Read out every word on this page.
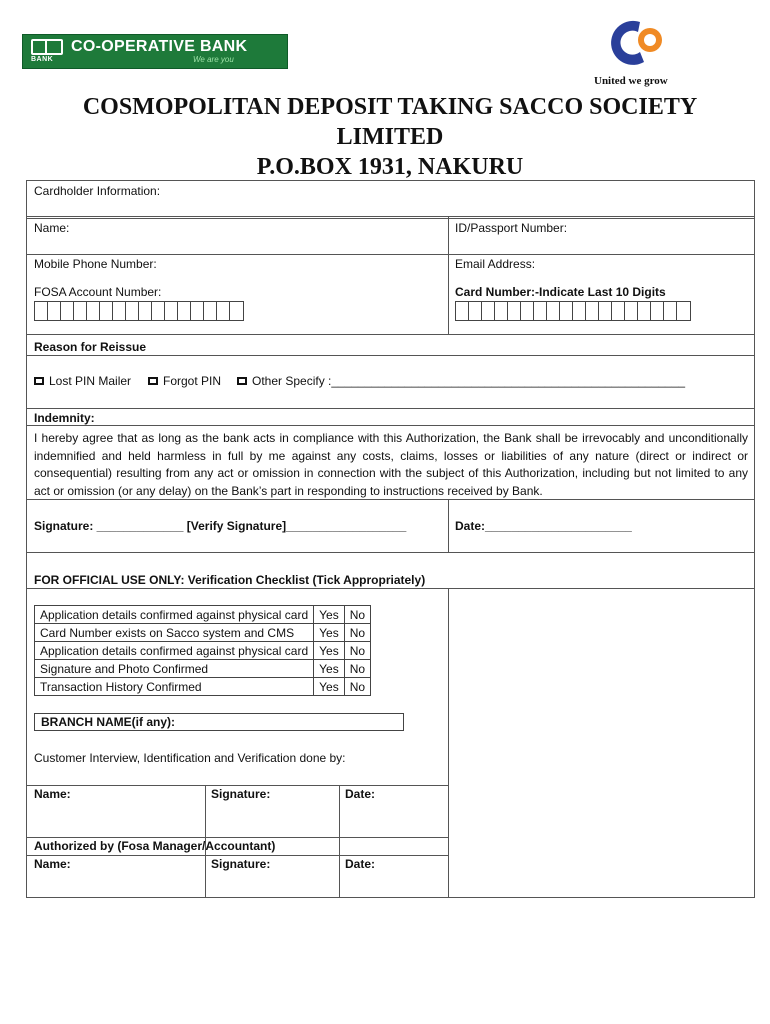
BANK
CO-OPERATIVE BANK
We are you
United we grow
COSMOPOLITAN DEPOSIT TAKING SACCO SOCIETY
LIMITED
P.O.BOX 1931, NAKURU
Cardholder Information:
Name:	ID/Passport Number:
Mobile Phone Number:	Email Address:
FOSA Account Number:	Card Number:-Indicate Last 10 Digits
Reason for Reissue
Lost PIN Mailer	Forgot PIN	Other Specify :_____________________________________________________
Indemnity:
I hereby agree that as long as the bank acts in compliance with this Authorization, the Bank shall be irrevocably and unconditionally indemnified and held harmless in full by me against any costs, claims, losses or liabilities of any nature (direct or indirect or consequential) resulting from any act or omission in connection with the subject of this Authorization, including but not limited to any act or omission (or any delay) on the Bank’s part in responding to instructions received by Bank.
Signature: _____________ [Verify Signature]__________________	Date:______________________
FOR OFFICIAL USE ONLY: Verification Checklist (Tick Appropriately)
Application details confirmed against physical card	Yes	No
Card Number exists on Sacco system and CMS	Yes	No
Application details confirmed against physical card	Yes	No
Signature and Photo Confirmed	Yes	No
Transaction History Confirmed	Yes	No
BRANCH NAME(if any):
Customer Interview, Identification and Verification done by:
Name:	Signature:	Date:
Authorized by (Fosa Manager/Accountant)
Name:	Signature:	Date:
